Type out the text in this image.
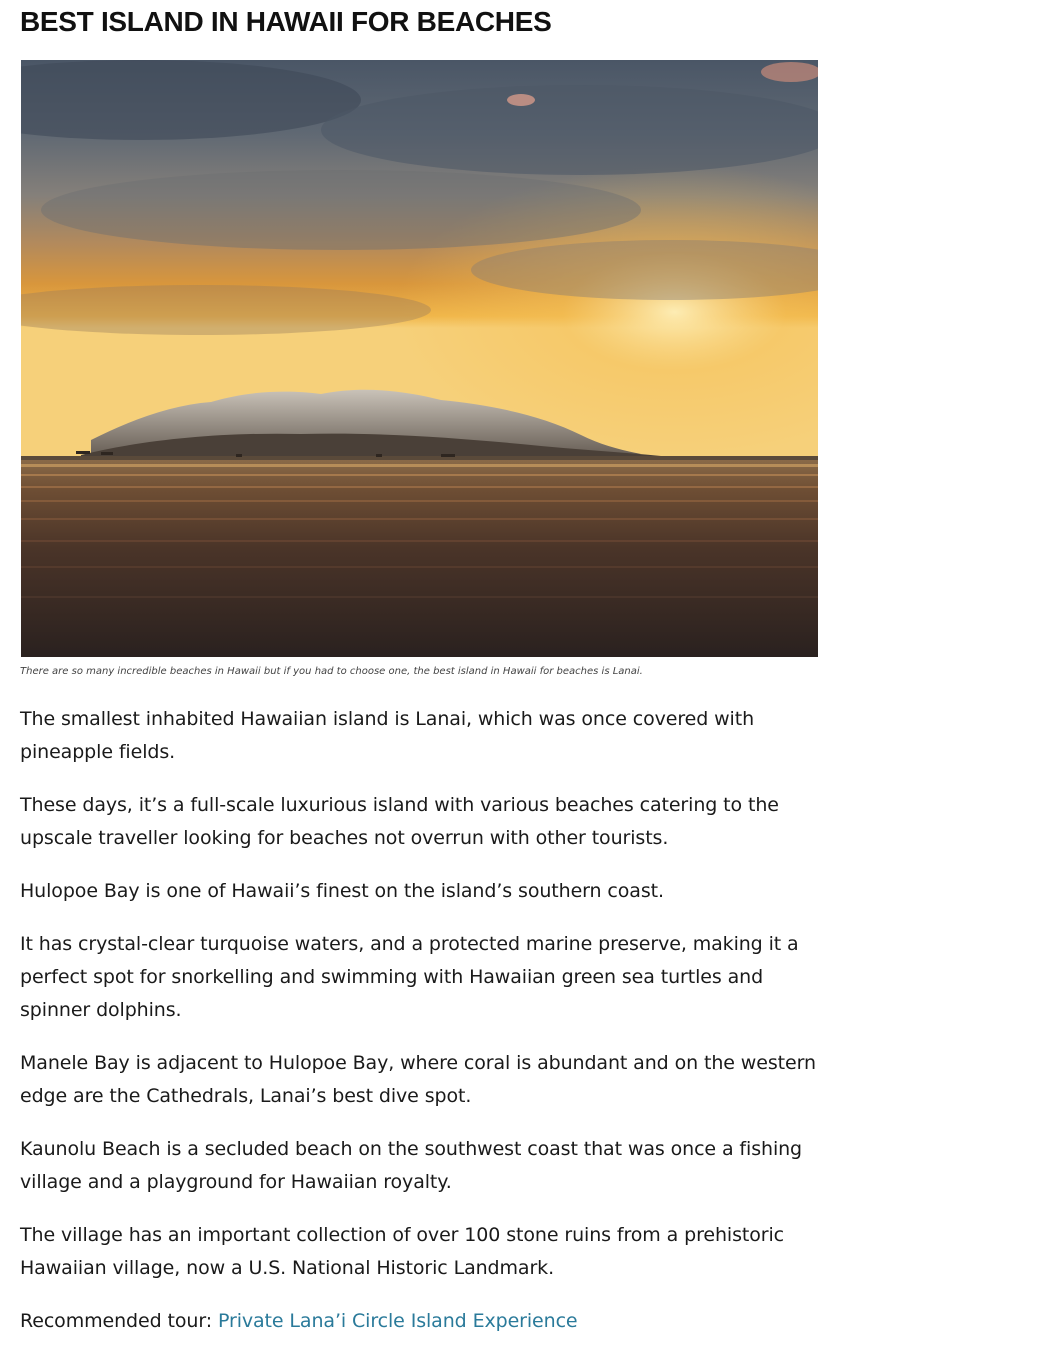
BEST ISLAND IN HAWAII FOR BEACHES
There are so many incredible beaches in Hawaii but if you had to choose one, the best island in Hawaii for beaches is Lanai.

The smallest inhabited Hawaiian island is Lanai, which was once covered with pineapple fields.

These days, it’s a full-scale luxurious island with various beaches catering to the upscale traveller looking for beaches not overrun with other tourists.

Hulopoe Bay is one of Hawaii’s finest on the island’s southern coast.

It has crystal-clear turquoise waters, and a protected marine preserve, making it a perfect spot for snorkelling and swimming with Hawaiian green sea turtles and spinner dolphins.

Manele Bay is adjacent to Hulopoe Bay, where coral is abundant and on the western edge are the Cathedrals, Lanai’s best dive spot.

Kaunolu Beach is a secluded beach on the southwest coast that was once a fishing village and a playground for Hawaiian royalty.

The village has an important collection of over 100 stone ruins from a prehistoric Hawaiian village, now a U.S. National Historic Landmark.

Recommended tour: Private Lana’i Circle Island Experience
